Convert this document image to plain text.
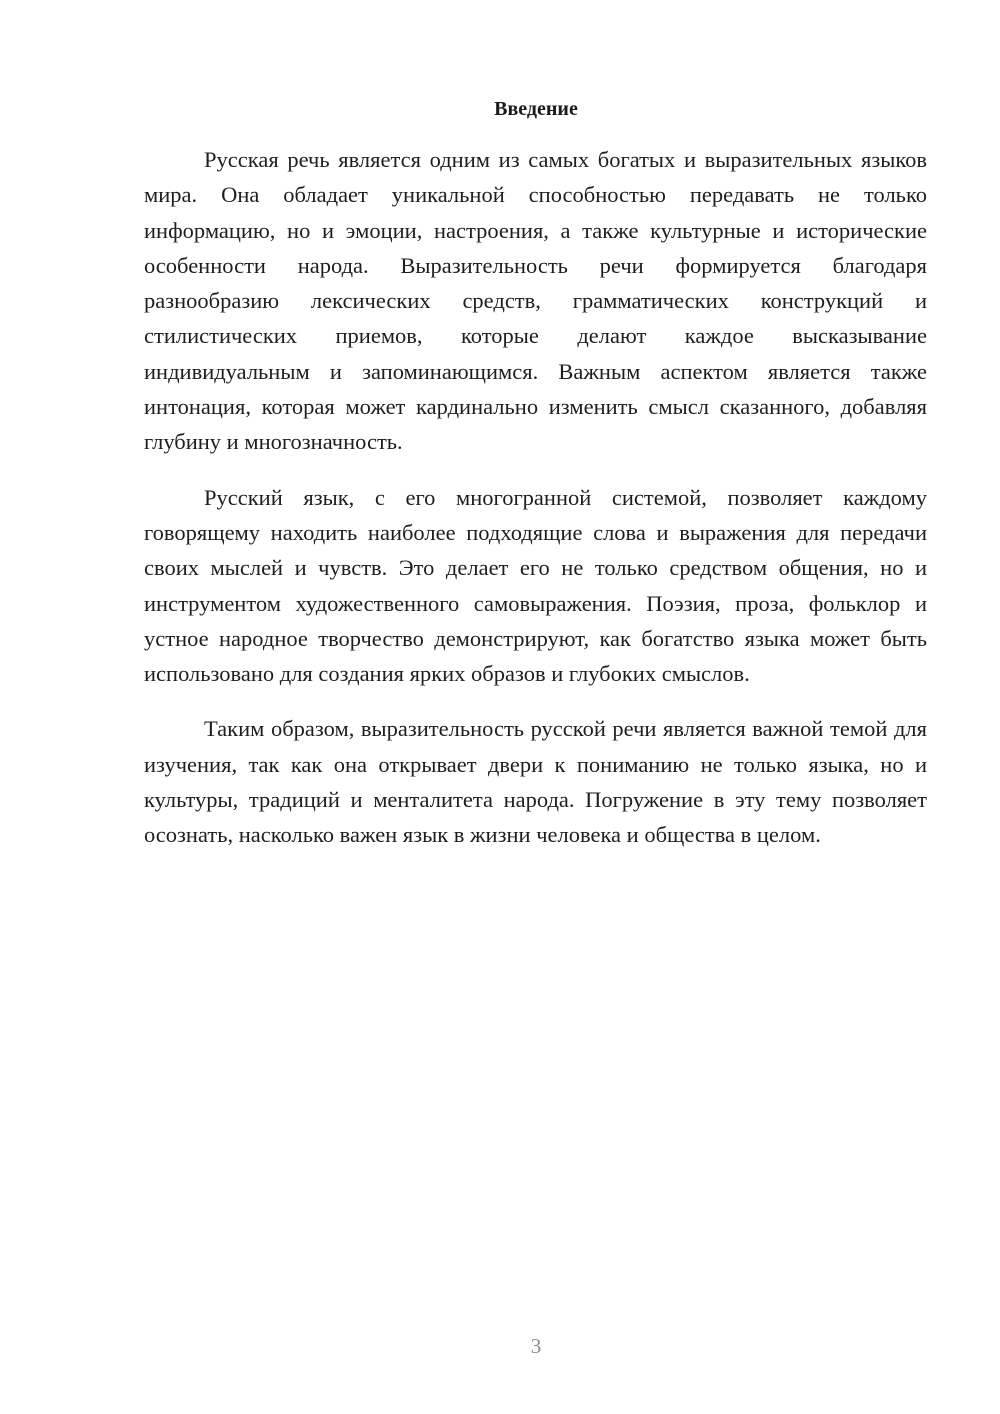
Введение

Русская речь является одним из самых богатых и выразительных языков мира. Она обладает уникальной способностью передавать не только информацию, но и эмоции, настроения, а также культурные и исторические особенности народа. Выразительность речи формируется благодаря разнообразию лексических средств, грамматических конструкций и стилистических приемов, которые делают каждое высказывание индивидуальным и запоминающимся. Важным аспектом является также интонация, которая может кардинально изменить смысл сказанного, добавляя глубину и многозначность.

Русский язык, с его многогранной системой, позволяет каждому говорящему находить наиболее подходящие слова и выражения для передачи своих мыслей и чувств. Это делает его не только средством общения, но и инструментом художественного самовыражения. Поэзия, проза, фольклор и устное народное творчество демонстрируют, как богатство языка может быть использовано для создания ярких образов и глубоких смыслов.

Таким образом, выразительность русской речи является важной темой для изучения, так как она открывает двери к пониманию не только языка, но и культуры, традиций и менталитета народа. Погружение в эту тему позволяет осознать, насколько важен язык в жизни человека и общества в целом.

3
